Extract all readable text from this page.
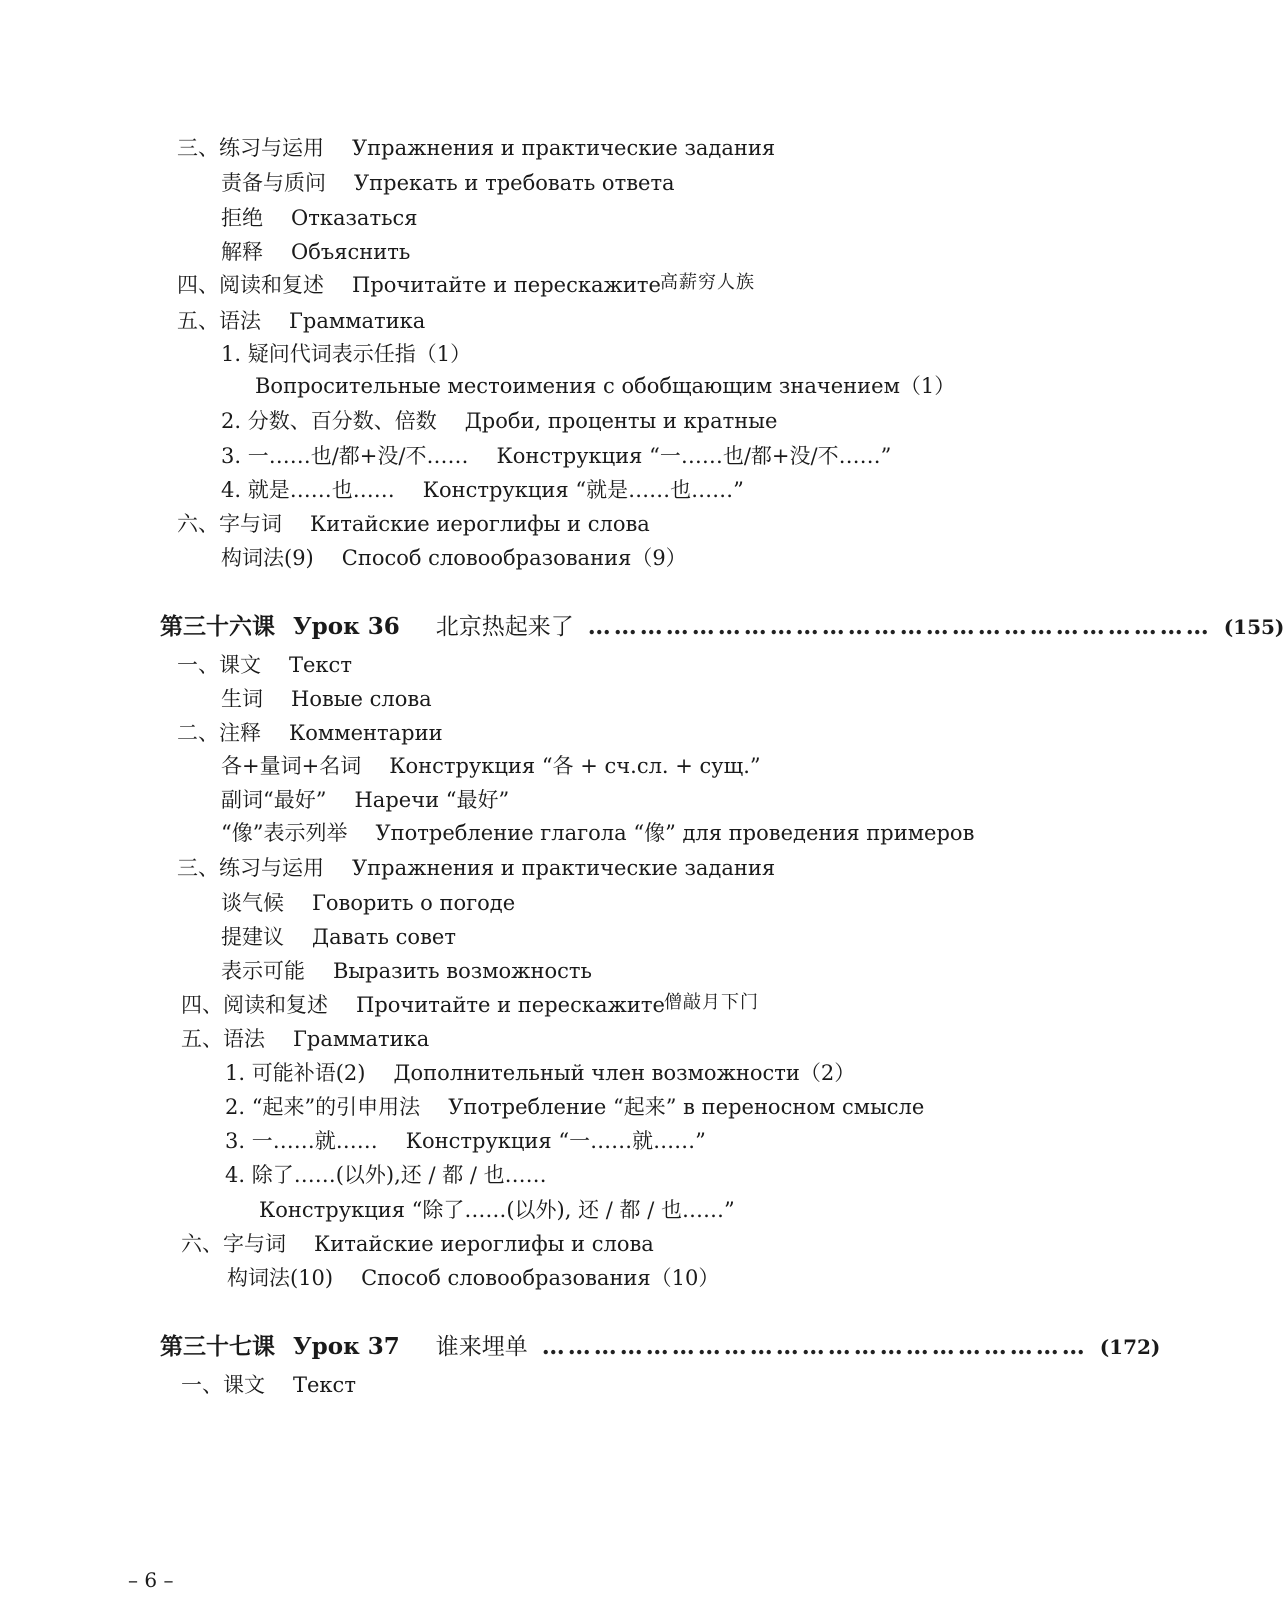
三、练习与运用 Упражнения и практические задания
责备与质问 Упрекать и требовать ответа
拒绝 Отказаться
解释 Объяснить
四、阅读和复述 Прочитайте и перескажите 高薪穷人族
五、语法 Грамматика
1. 疑问代词表示任指（1）
Вопросительные местоимения с обобщающим значением（1）
2. 分数、百分数、倍数 Дроби, проценты и кратные
3. 一……也/都+没/不…… Конструкция “一……也/都+没/不……”
4. 就是……也…… Конструкция “就是……也……”
六、字与词 Китайские иероглифы и слова
构词法(9) Способ словообразования（9）
第三十六课 Урок 36 北京热起来了 ……………………………………………………………… (155)
一、课文 Текст
生词 Новые слова
二、注释 Комментарии
各+量词+名词 Конструкция “各 + сч.сл. + сущ.”
副词“最好” Наречи “最好”
“像”表示列举 Употребление глагола “像” для проведения примеров
三、练习与运用 Упражнения и практические задания
谈气候 Говорить о погоде
提建议 Давать совет
表示可能 Выразить возможность
四、阅读和复述 Прочитайте и перескажите 僧敲月下门
五、语法 Грамматика
1. 可能补语(2) Дополнительный член возможности（2）
2. “起来”的引申用法 Употребление “起来” в переносном смысле
3. 一……就…… Конструкция “一……就……”
4. 除了……(以外),还 / 都 / 也……
Конструкция “除了……(以外), 还 / 都 / 也……”
六、字与词 Китайские иероглифы и слова
构词法(10) Способ словообразования（10）
第三十七课 Урок 37 谁来埋单 ……………………………………………………… (172)
一、课文 Текст
– 6 –
